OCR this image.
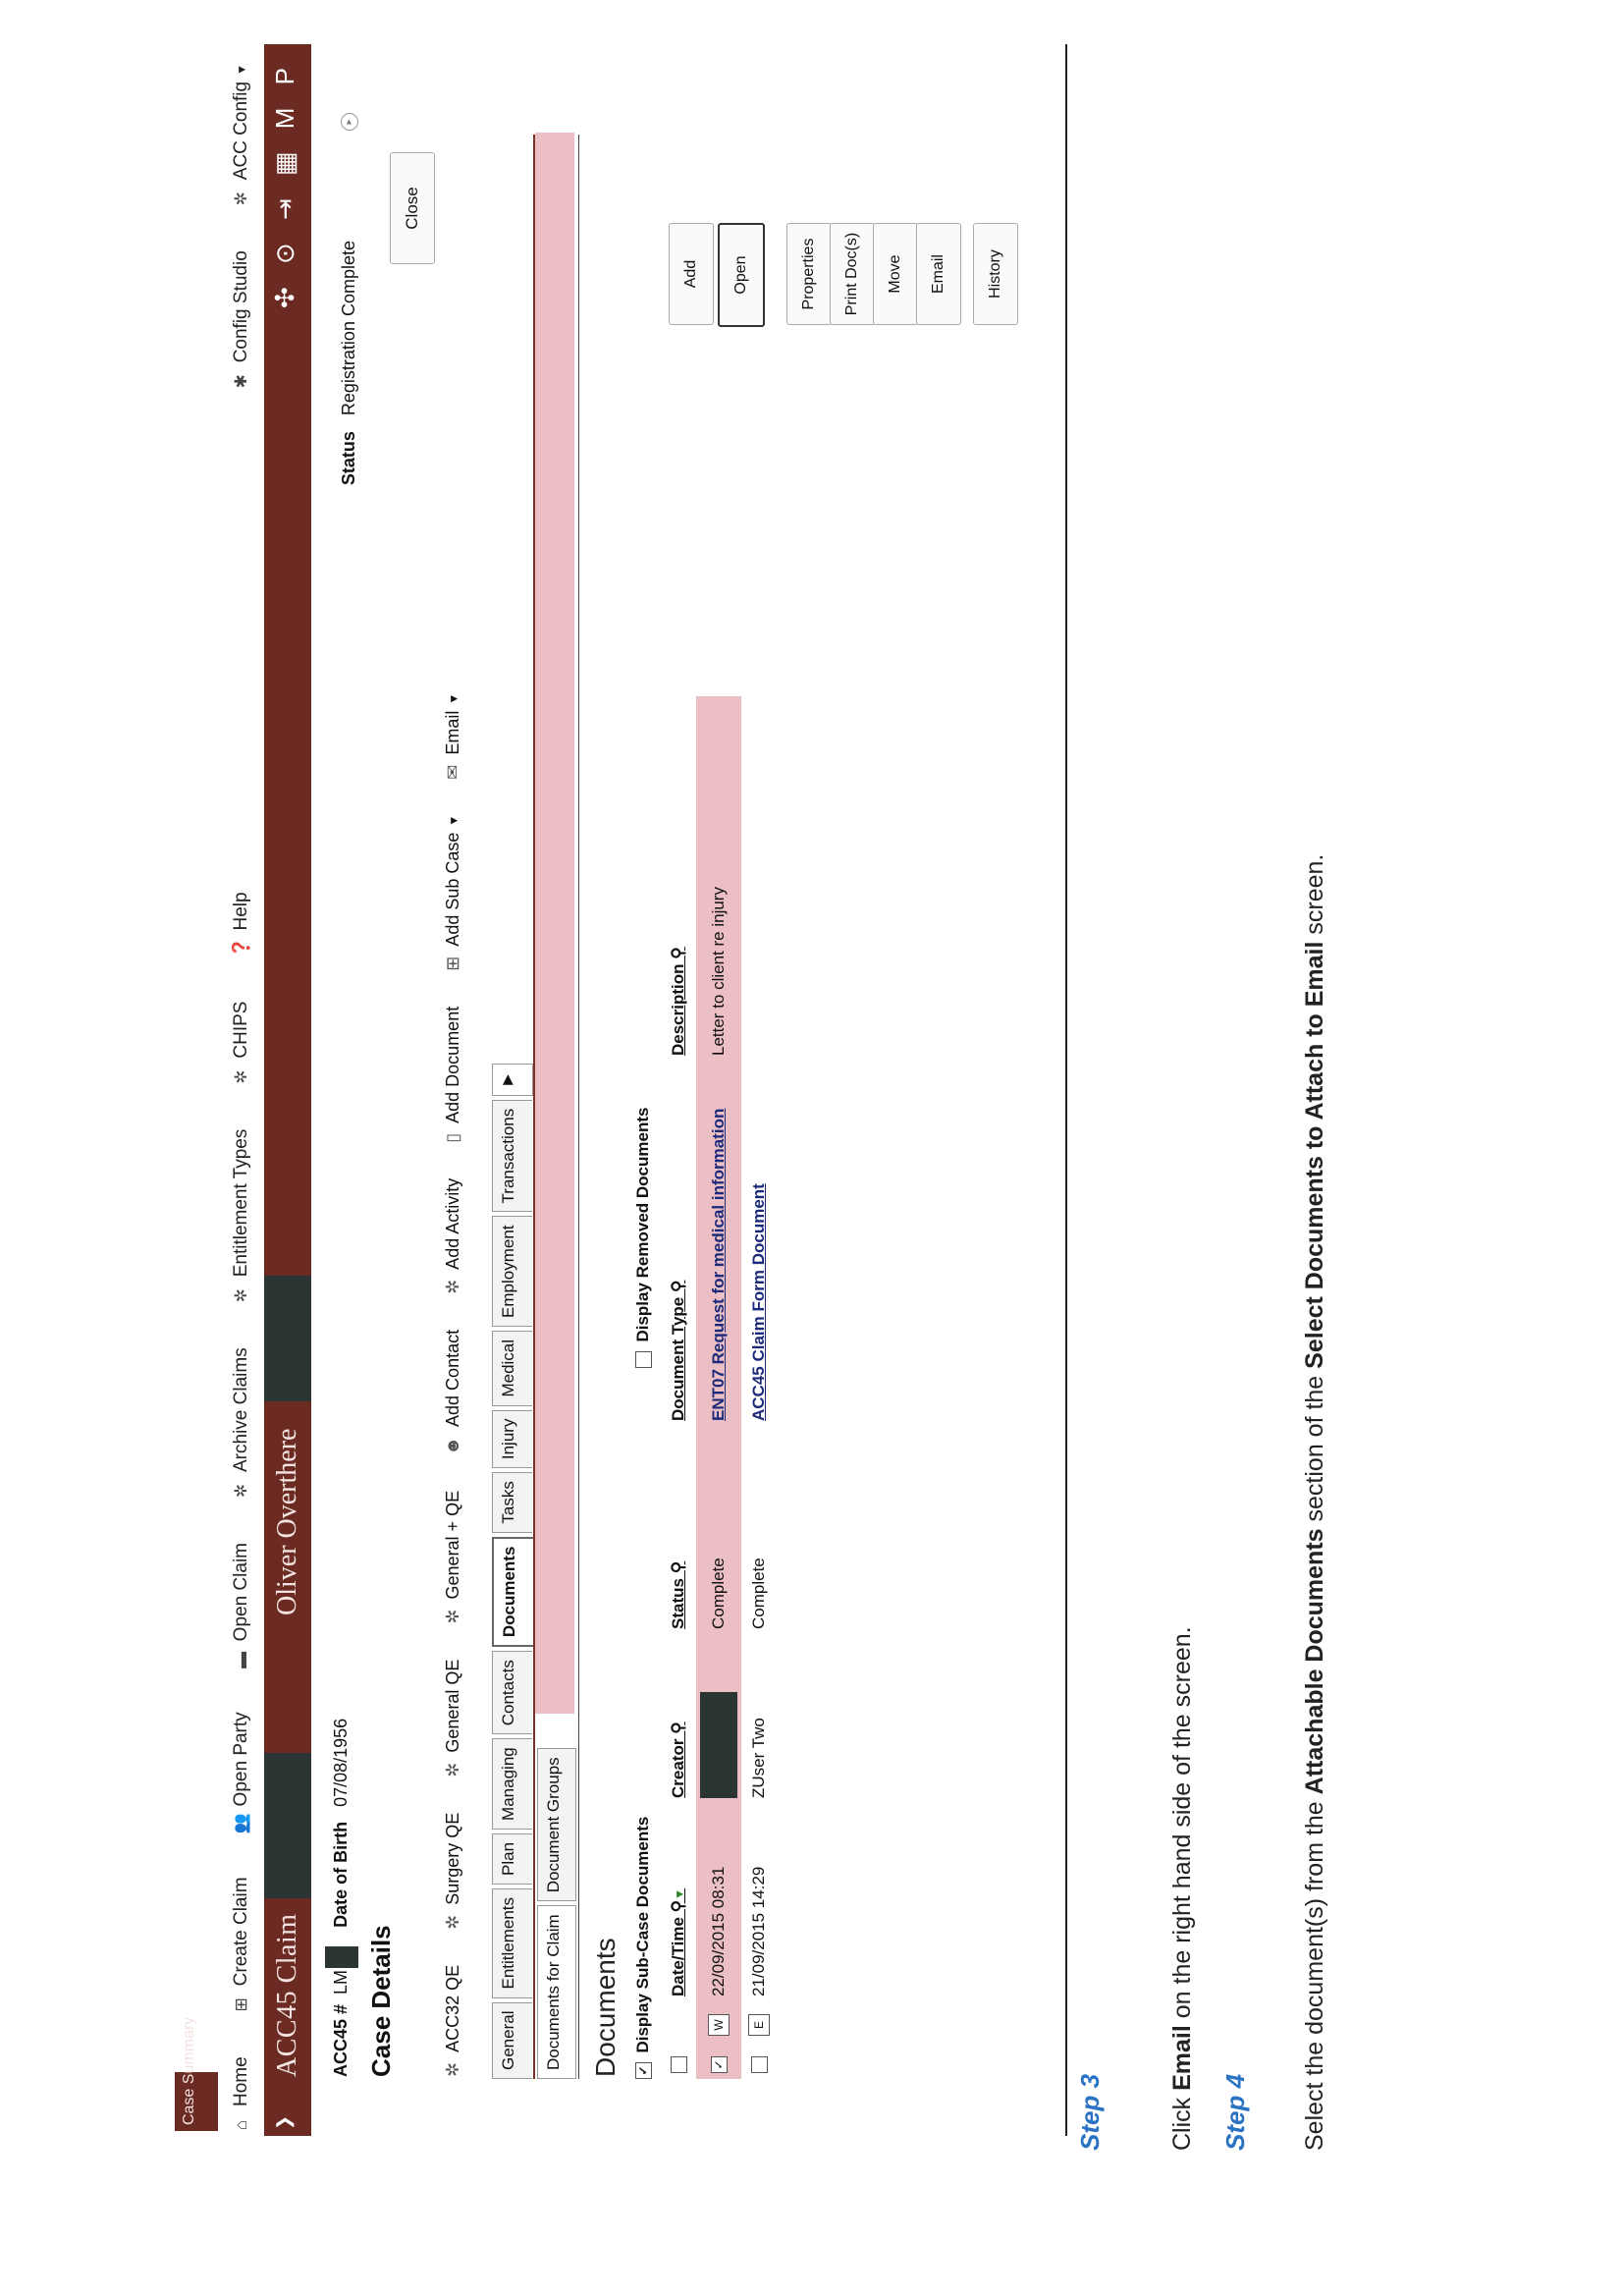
⌂
Home
⊞
Create Claim
👥
Open Party
▬
Open Claim
✲
Archive Claims
✲
Entitlement Types
✲
CHIPS
❓
Help
✱
Config Studio
✲
ACC Config
▼
❯
ACC45 Claim
Oliver Overthere
✣ ⊙ ⇥ ▦ M P
ACC45 #  LM Date of Birth   07/08/1956
Case Details
StatusRegistration Complete
▸
Close
✲
ACC32 QE
✲
Surgery QE
✲
General QE
✲
General + QE
☻
Add Contact
✲
Add Activity
▯
Add Document
⊞
Add Sub Case
▼
✉
Email
▼
General
Entitlements
Plan
Managing
Contacts
Documents
Tasks
Injury
Medical
Employment
Transactions
▶
Documents for Claim
Document Groups
Documents ✓  Display Sub-Case Documents
Display Removed Documents
		Date/Time ⚲▼	Creator ⚲	Status ⚲	Document Type ⚲	Description ⚲
✓	W	22/09/2015 08:31		Complete	ENT07 Request for medical information	Letter to client re injury
	E	21/09/2015 14:29	ZUser Two	Complete	ACC45 Claim Form Document	
Add	Open	Properties	Print Doc(s)	Move	Email	History
Case Summary	Step 3	Click Email on the right hand side of the screen.
Step 4 Select the document(s) from the Attachable Documents section of the Select Documents to Attach to Email screen.
